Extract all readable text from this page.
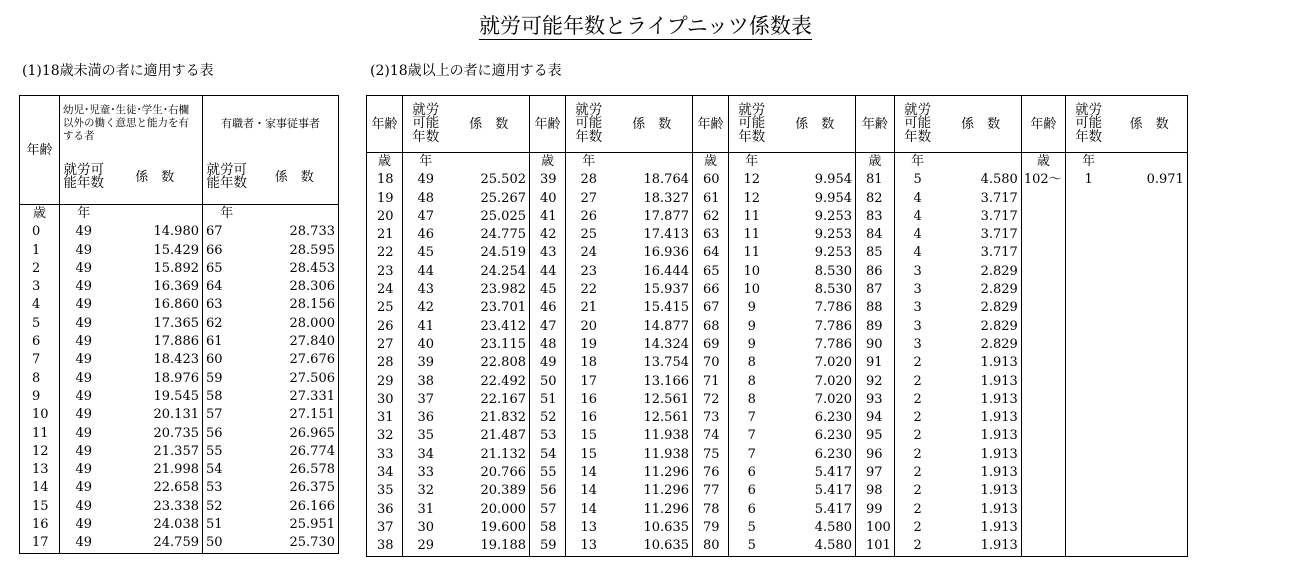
就労可能年数とライプニッツ係数表
(1)18歳未満の者に適用する表	(2)18歳以上の者に適用する表
年齢	幼児･児童･生徒･学生･右欄以外の働く意思と能力を有する者		有職者・家事従事者	
	就労可能年数	係　数	就労可能年数	係　数
歳	年		年	
0	49	14.980	67	28.733
1	49	15.429	66	28.595
2	49	15.892	65	28.453
3	49	16.369	64	28.306
4	49	16.860	63	28.156
5	49	17.365	62	28.000
6	49	17.886	61	27.840
7	49	18.423	60	27.676
8	49	18.976	59	27.506
9	49	19.545	58	27.331
10	49	20.131	57	27.151
11	49	20.735	56	26.965
12	49	21.357	55	26.774
13	49	21.998	54	26.578
14	49	22.658	53	26.375
15	49	23.338	52	26.166
16	49	24.038	51	25.951
17	49	24.759	50	25.730
年齢	就労可能年数	係　数	年齢	就労可能年数	係　数	年齢	就労可能年数	係　数	年齢	就労可能年数	係　数	年齢	就労可能年数	係　数
歳	年		歳	年		歳	年		歳	年		歳	年	
18	49	25.502	39	28	18.764	60	12	9.954	81	5	4.580	102～	1	0.971
19	48	25.267	40	27	18.327	61	12	9.954	82	4	3.717			
20	47	25.025	41	26	17.877	62	11	9.253	83	4	3.717			
21	46	24.775	42	25	17.413	63	11	9.253	84	4	3.717			
22	45	24.519	43	24	16.936	64	11	9.253	85	4	3.717			
23	44	24.254	44	23	16.444	65	10	8.530	86	3	2.829			
24	43	23.982	45	22	15.937	66	10	8.530	87	3	2.829			
25	42	23.701	46	21	15.415	67	9	7.786	88	3	2.829			
26	41	23.412	47	20	14.877	68	9	7.786	89	3	2.829			
27	40	23.115	48	19	14.324	69	9	7.786	90	3	2.829			
28	39	22.808	49	18	13.754	70	8	7.020	91	2	1.913			
29	38	22.492	50	17	13.166	71	8	7.020	92	2	1.913			
30	37	22.167	51	16	12.561	72	8	7.020	93	2	1.913			
31	36	21.832	52	16	12.561	73	7	6.230	94	2	1.913			
32	35	21.487	53	15	11.938	74	7	6.230	95	2	1.913			
33	34	21.132	54	15	11.938	75	7	6.230	96	2	1.913			
34	33	20.766	55	14	11.296	76	6	5.417	97	2	1.913			
35	32	20.389	56	14	11.296	77	6	5.417	98	2	1.913			
36	31	20.000	57	14	11.296	78	6	5.417	99	2	1.913			
37	30	19.600	58	13	10.635	79	5	4.580	100	2	1.913			
38	29	19.188	59	13	10.635	80	5	4.580	101	2	1.913			
